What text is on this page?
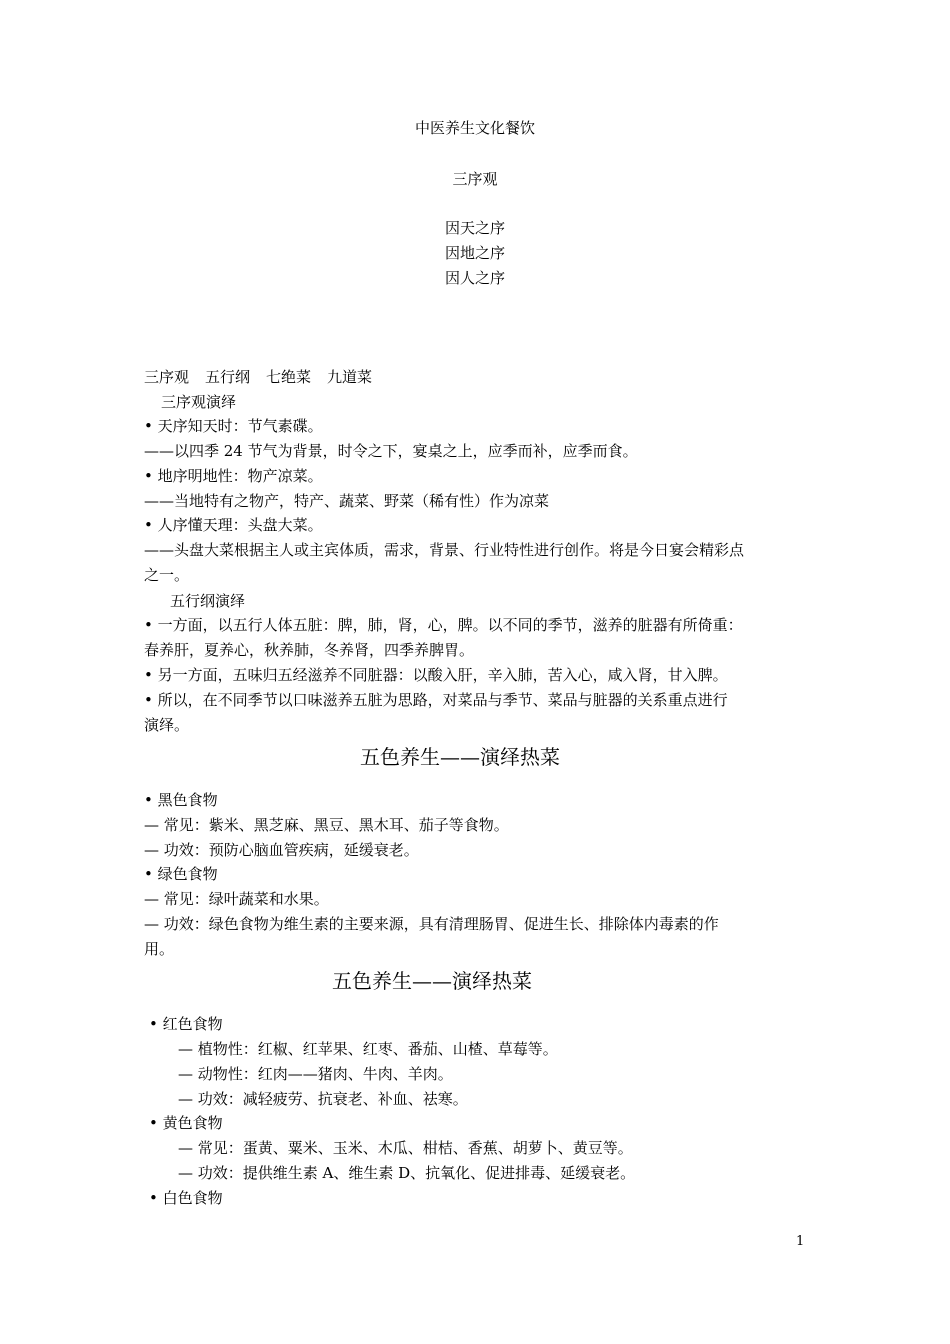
中医养生文化餐饮
三序观
因天之序
因地之序
因人之序
三序观 五行纲 七绝菜 九道菜
三序观演绎
• 天序知天时：节气素碟。
——以四季 24 节气为背景，时令之下，宴桌之上，应季而补，应季而食。
• 地序明地性：物产凉菜。
——当地特有之物产，特产、蔬菜、野菜（稀有性）作为凉菜
• 人序懂天理：头盘大菜。
——头盘大菜根据主人或主宾体质，需求，背景、行业特性进行创作。将是今日宴会精彩点
之一。
五行纲演绎
• 一方面，以五行人体五脏：脾，肺，肾，心，脾。以不同的季节，滋养的脏器有所倚重：
春养肝，夏养心，秋养肺，冬养肾，四季养脾胃。
• 另一方面，五味归五经滋养不同脏器：以酸入肝，辛入肺，苦入心，咸入肾，甘入脾。
• 所以，在不同季节以口味滋养五脏为思路，对菜品与季节、菜品与脏器的关系重点进行
演绎。
五色养生——演绎热菜
• 黑色食物
— 常见：紫米、黑芝麻、黑豆、黑木耳、茄子等食物。
— 功效：预防心脑血管疾病，延缓衰老。
• 绿色食物
— 常见：绿叶蔬菜和水果。
— 功效：绿色食物为维生素的主要来源，具有清理肠胃、促进生长、排除体内毒素的作
用。
五色养生——演绎热菜
• 红色食物
— 植物性：红椒、红苹果、红枣、番茄、山楂、草莓等。
— 动物性：红肉——猪肉、牛肉、羊肉。
— 功效：减轻疲劳、抗衰老、补血、祛寒。
• 黄色食物
— 常见：蛋黄、粟米、玉米、木瓜、柑桔、香蕉、胡萝卜、黄豆等。
— 功效：提供维生素 A、维生素 D、抗氧化、促进排毒、延缓衰老。
• 白色食物
1
